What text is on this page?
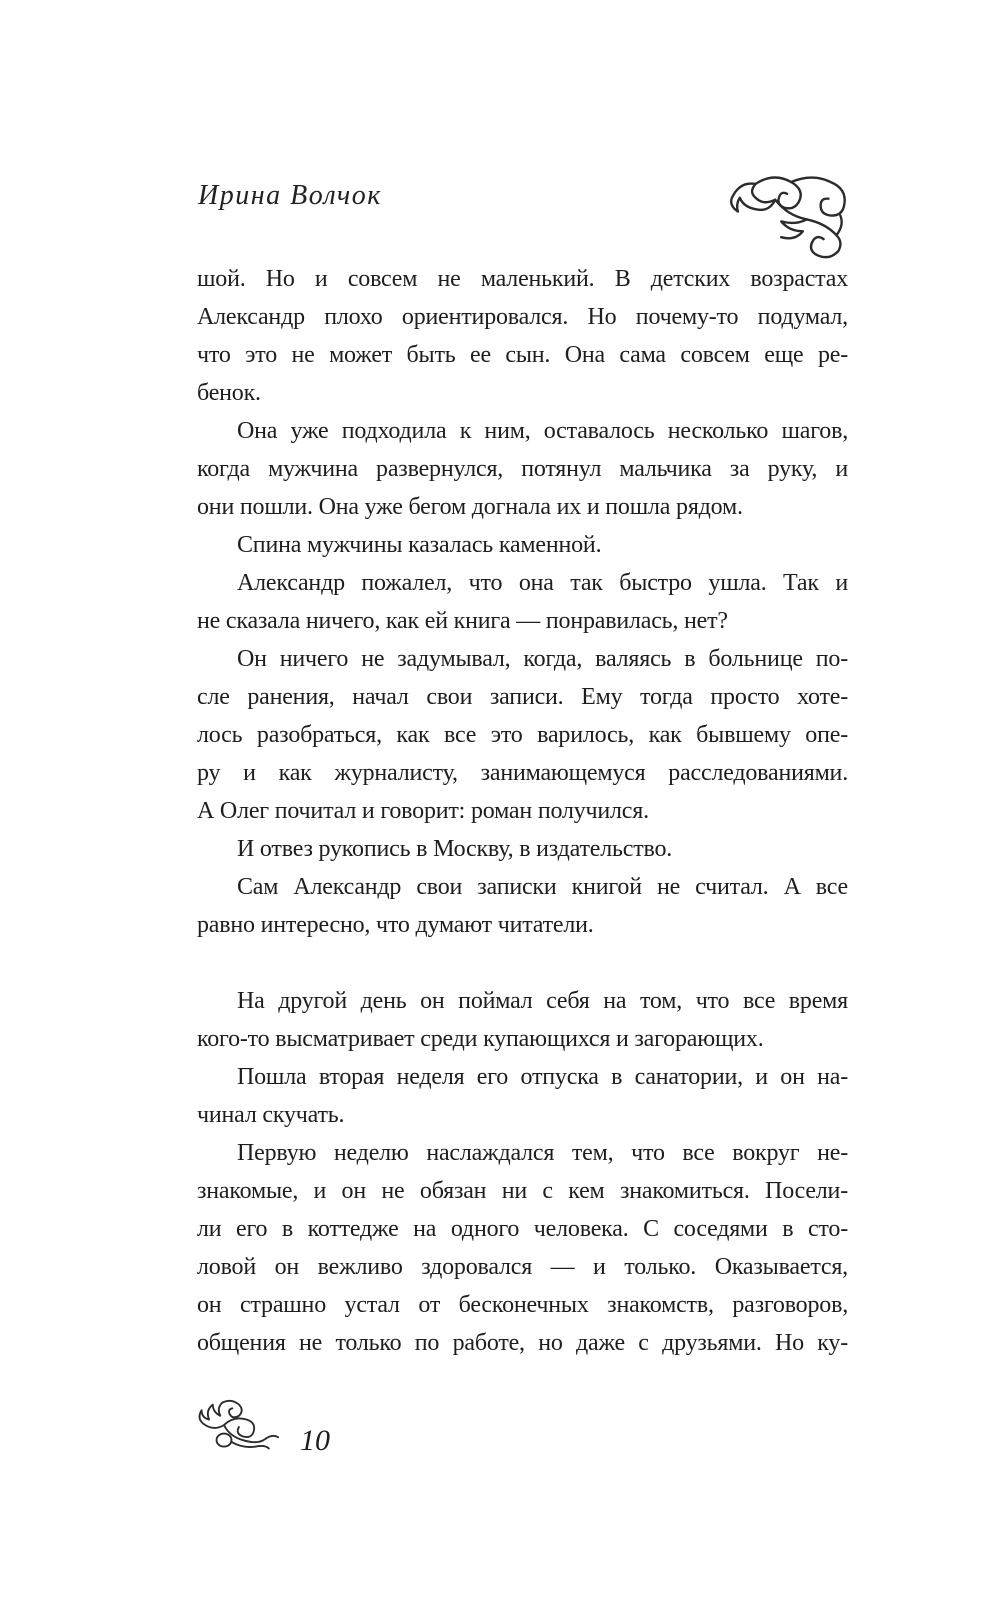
Ирина Волчок
шой. Но и совсем не маленький. В детских возрастах
Александр плохо ориентировался. Но почему-то подумал,
что это не может быть ее сын. Она сама совсем еще ре-
бенок.
Она уже подходила к ним, оставалось несколько шагов,
когда мужчина развернулся, потянул мальчика за руку, и
они пошли. Она уже бегом догнала их и пошла рядом.
Спина мужчины казалась каменной.
Александр пожалел, что она так быстро ушла. Так и
не сказала ничего, как ей книга — понравилась, нет?
Он ничего не задумывал, когда, валяясь в больнице по-
сле ранения, начал свои записи. Ему тогда просто хоте-
лось разобраться, как все это варилось, как бывшему опе-
ру и как журналисту, занимающемуся расследованиями.
А Олег почитал и говорит: роман получился.
И отвез рукопись в Москву, в издательство.
Сам Александр свои записки книгой не считал. А все
равно интересно, что думают читатели.
На другой день он поймал себя на том, что все время
кого-то высматривает среди купающихся и загорающих.
Пошла вторая неделя его отпуска в санатории, и он на-
чинал скучать.
Первую неделю наслаждался тем, что все вокруг не-
знакомые, и он не обязан ни с кем знакомиться. Посели-
ли его в коттедже на одного человека. С соседями в сто-
ловой он вежливо здоровался — и только. Оказывается,
он страшно устал от бесконечных знакомств, разговоров,
общения не только по работе, но даже с друзьями. Но ку-
10
